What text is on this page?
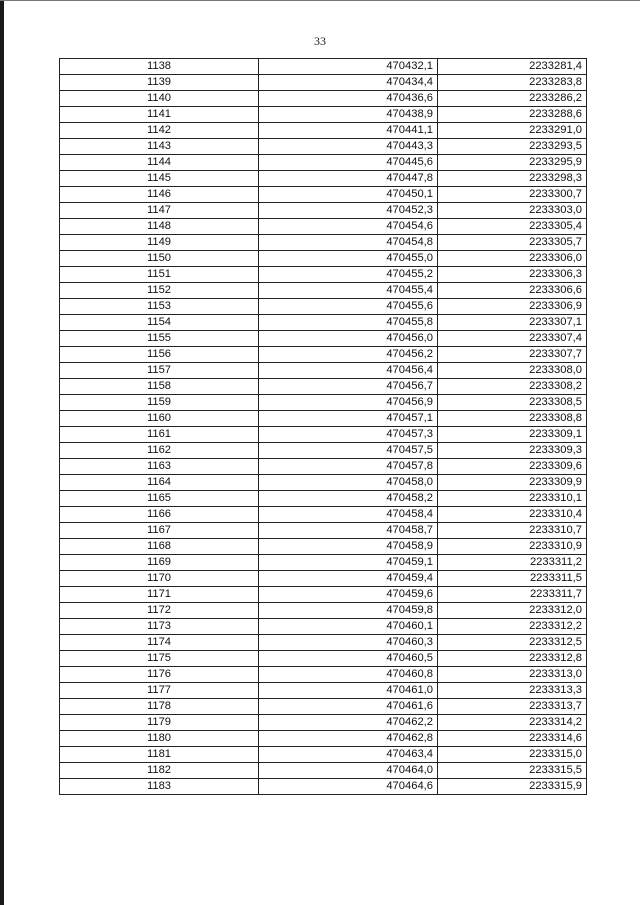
33
1138	470432,1	2233281,4
1139	470434,4	2233283,8
1140	470436,6	2233286,2
1141	470438,9	2233288,6
1142	470441,1	2233291,0
1143	470443,3	2233293,5
1144	470445,6	2233295,9
1145	470447,8	2233298,3
1146	470450,1	2233300,7
1147	470452,3	2233303,0
1148	470454,6	2233305,4
1149	470454,8	2233305,7
1150	470455,0	2233306,0
1151	470455,2	2233306,3
1152	470455,4	2233306,6
1153	470455,6	2233306,9
1154	470455,8	2233307,1
1155	470456,0	2233307,4
1156	470456,2	2233307,7
1157	470456,4	2233308,0
1158	470456,7	2233308,2
1159	470456,9	2233308,5
1160	470457,1	2233308,8
1161	470457,3	2233309,1
1162	470457,5	2233309,3
1163	470457,8	2233309,6
1164	470458,0	2233309,9
1165	470458,2	2233310,1
1166	470458,4	2233310,4
1167	470458,7	2233310,7
1168	470458,9	2233310,9
1169	470459,1	2233311,2
1170	470459,4	2233311,5
1171	470459,6	2233311,7
1172	470459,8	2233312,0
1173	470460,1	2233312,2
1174	470460,3	2233312,5
1175	470460,5	2233312,8
1176	470460,8	2233313,0
1177	470461,0	2233313,3
1178	470461,6	2233313,7
1179	470462,2	2233314,2
1180	470462,8	2233314,6
1181	470463,4	2233315,0
1182	470464,0	2233315,5
1183	470464,6	2233315,9
